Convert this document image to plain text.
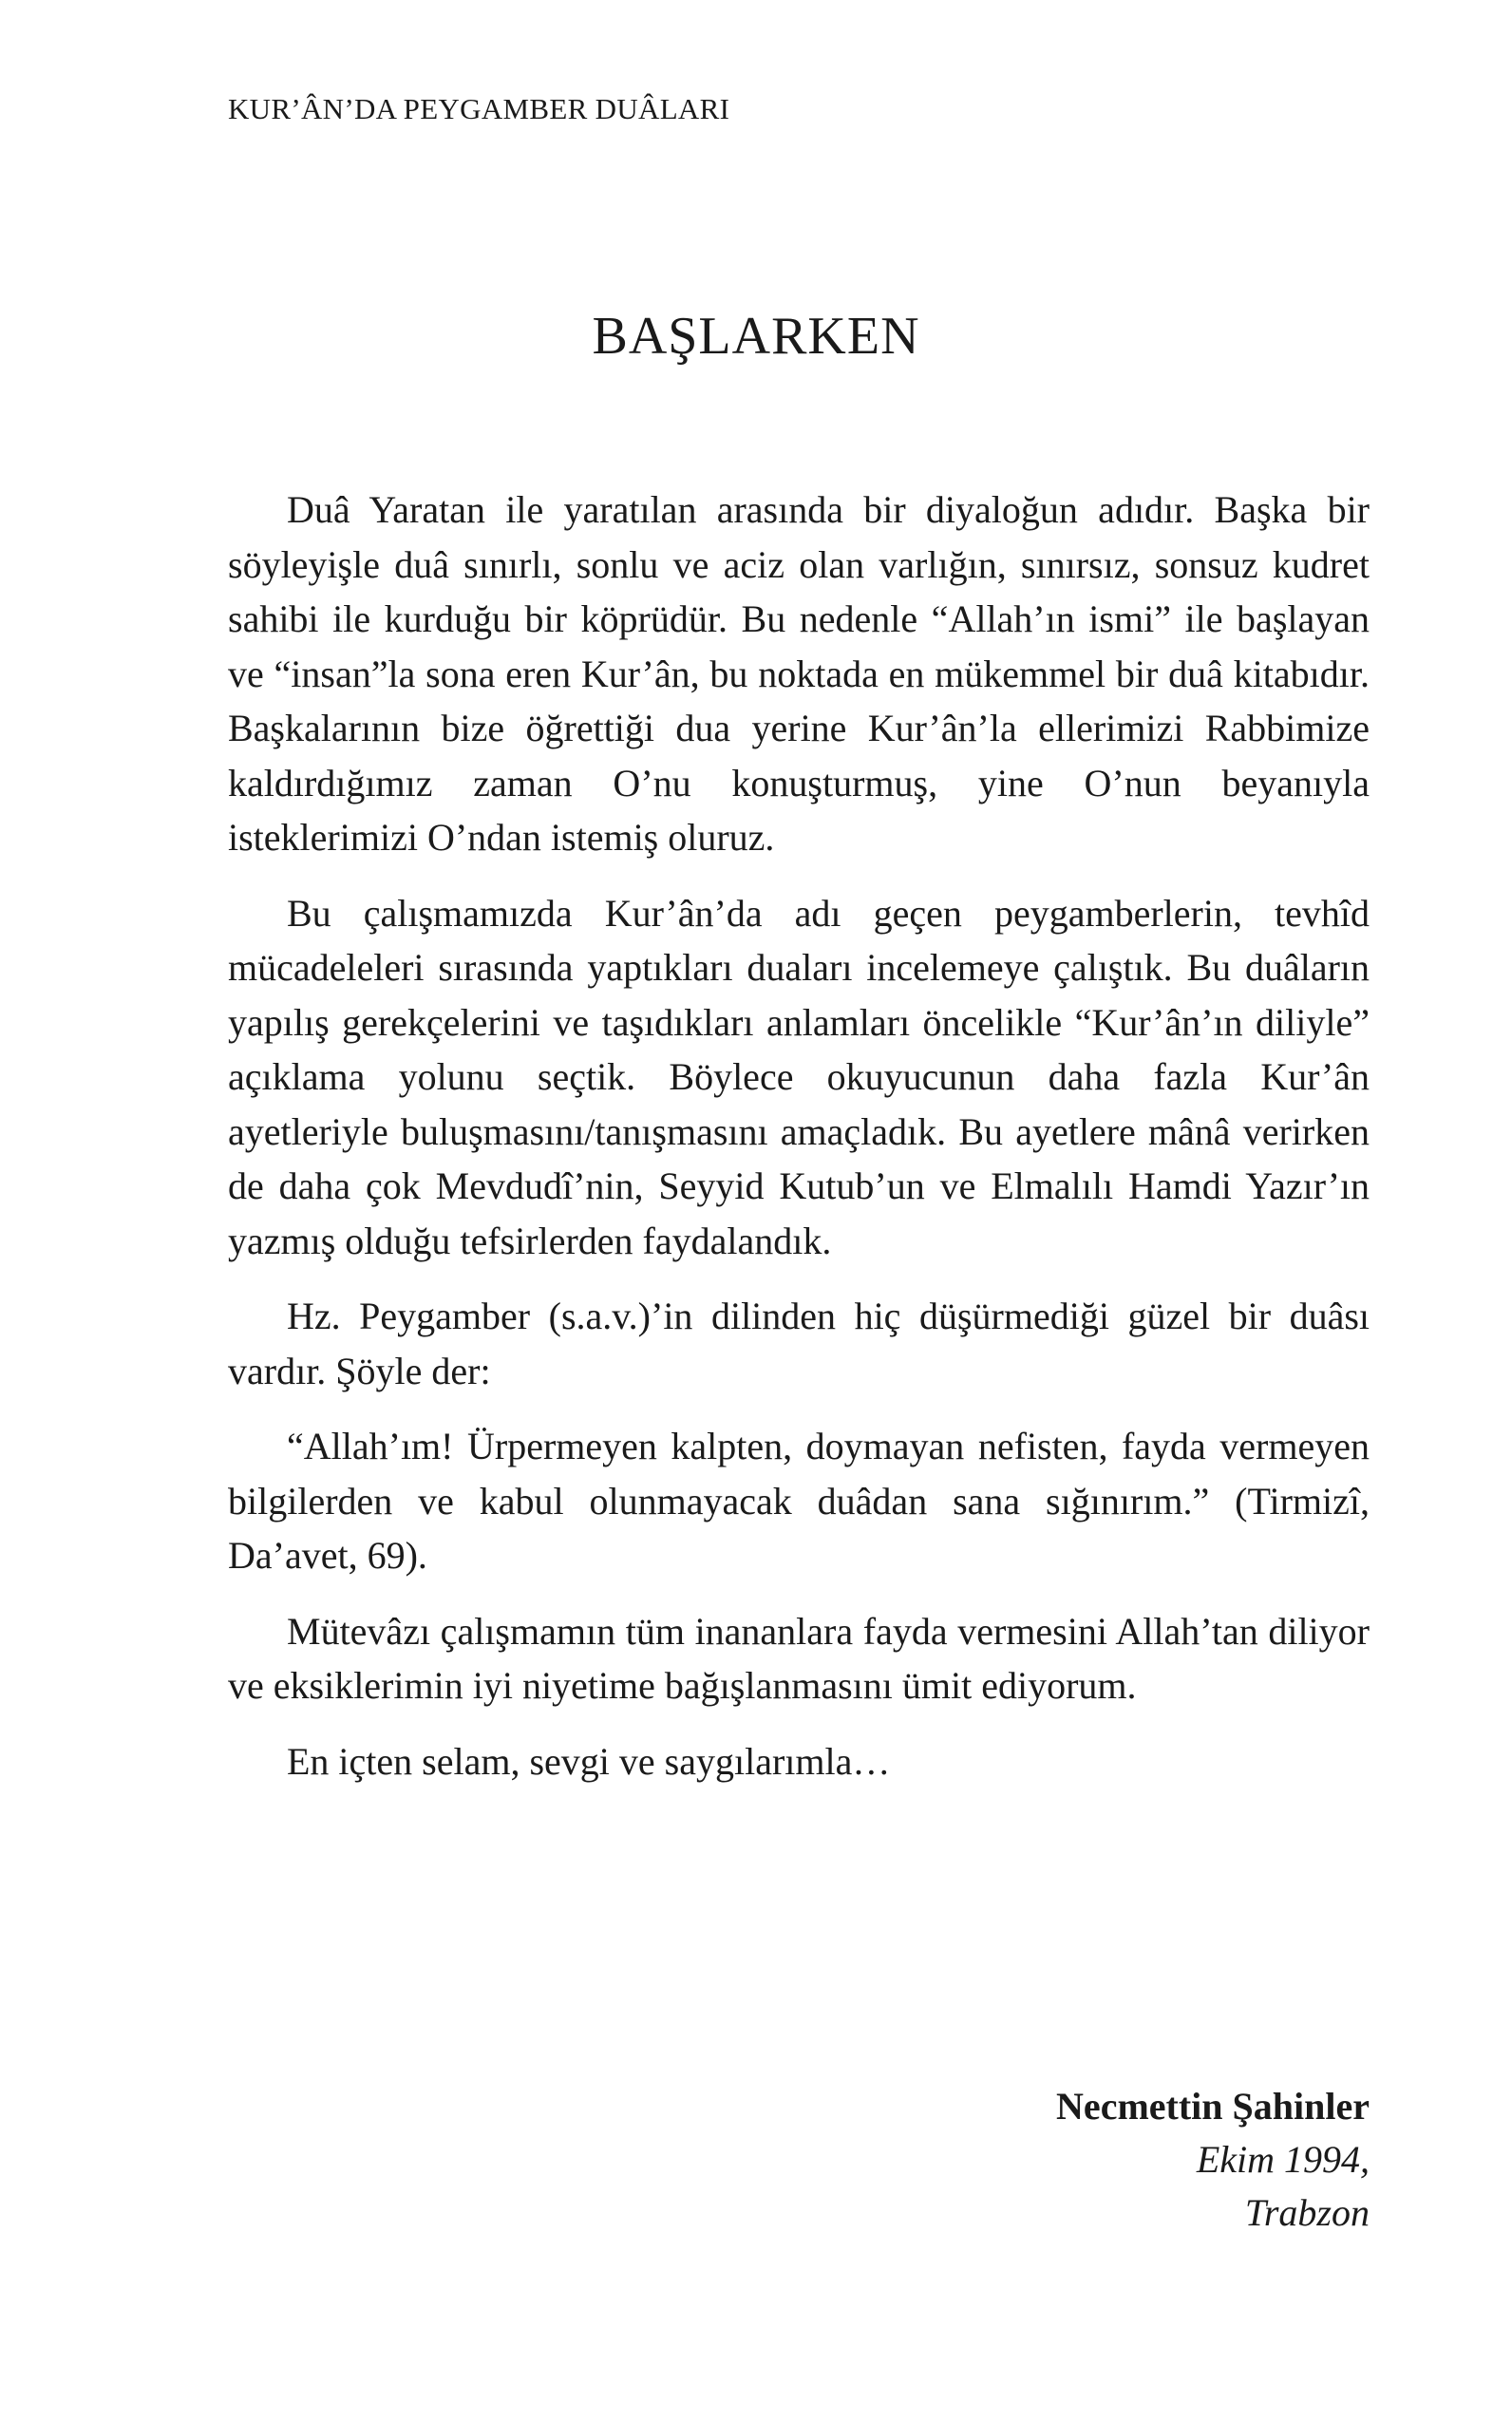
KUR’ÂN’DA PEYGAMBER DUÂLARI
BAŞLARKEN

Duâ Yaratan ile yaratılan arasında bir diyaloğun adıdır. Başka bir söyleyişle duâ sınırlı, sonlu ve aciz olan varlığın, sınırsız, sonsuz kudret sahibi ile kurduğu bir köprüdür. Bu nedenle “Allah’ın ismi” ile başlayan ve “insan”la sona eren Kur’ân, bu noktada en mükemmel bir duâ kitabıdır. Başkalarının bize öğrettiği dua yerine Kur’ân’la ellerimizi Rabbimize kaldırdığımız zaman O’nu konuşturmuş, yine O’nun beyanıyla isteklerimizi O’ndan istemiş oluruz.

Bu çalışmamızda Kur’ân’da adı geçen peygamberlerin, tevhîd mücadeleleri sırasında yaptıkları duaları incelemeye çalıştık. Bu duâların yapılış gerekçelerini ve taşıdıkları anlamları öncelikle “Kur’ân’ın diliyle” açıklama yolunu seçtik. Böylece okuyucunun daha fazla Kur’ân ayetleriyle buluşmasını/tanışmasını amaçladık. Bu ayetlere mânâ verirken de daha çok Mevdudî’nin, Seyyid Kutub’un ve Elmalılı Hamdi Yazır’ın yazmış olduğu tefsirlerden faydalandık.

Hz. Peygamber (s.a.v.)’in dilinden hiç düşürmediği güzel bir duâsı vardır. Şöyle der:

“Allah’ım! Ürpermeyen kalpten, doymayan nefisten, fayda vermeyen bilgilerden ve kabul olunmayacak duâdan sana sığınırım.” (Tirmizî, Da’avet, 69).

Mütevâzı çalışmamın tüm inananlara fayda vermesini Allah’tan diliyor ve eksiklerimin iyi niyetime bağışlanmasını ümit ediyorum.

En içten selam, sevgi ve saygılarımla…

Necmettin Şahinler
Ekim 1994,
Trabzon
